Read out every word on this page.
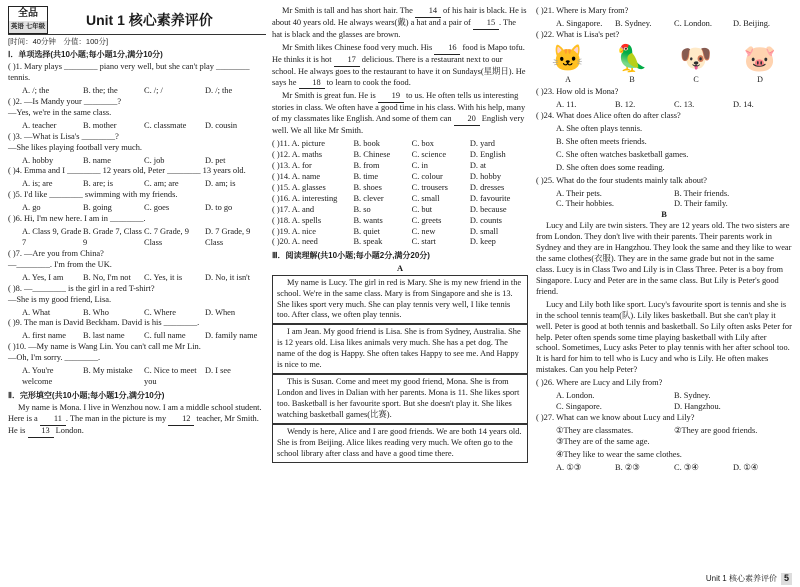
全品
英语 七年级	Unit 1 核心素养评价
[时间：40分钟　分值：100分]
Ⅰ．单项选择(共10小题;每小题1分,满分10分)
( )1. Mary plays ________ piano very well, but she can't play ________ tennis.
A. /; the	B. the; the	C. /; /	D. /; the
( )2. —Is Mandy your ________?
—Yes, we're in the same class.
A. teacher	B. mother	C. classmate	D. cousin
( )3. —What is Lisa's ________?
—She likes playing football very much.
A. hobby	B. name	C. job	D. pet
( )4. Emma and I ________ 12 years old, Peter ________ 13 years old.
A. is; are	B. are; is	C. am; are	D. am; is
( )5. I'd like ________ swimming with my friends.
A. go	B. going	C. goes	D. to go
( )6. Hi, I'm new here. I am in ________.
A. Class 9, Grade 7
B. Grade 7, Class 9
C. 7 Grade, 9 Class
D. 7 Grade, 9 Class
( )7. —Are you from China?
—________. I'm from the UK.
A. Yes, I am	B. No, I'm not	C. Yes, it is	D. No, it isn't
( )8. —________ is the girl in a red T-shirt?
—She is my good friend, Lisa.
A. What	B. Who	C. Where	D. When
( )9. The man is David Beckham. David is his ________.
A. first name	B. last name	C. full name	D. family name
( )10. —My name is Wang Lin. You can't call me Mr Lin.
—Oh, I'm sorry. ________.
A. You're welcome
B. My mistake	C. Nice to meet you
D. I see
Ⅱ．完形填空(共10小题;每小题1分,满分10分)
My name is Mona. I live in Wenzhou now. I am a middle school student. Here is a 11 . The man in the picture is my 12 teacher, Mr Smith. He is 13 London.
Mr Smith is tall and has short hair. The 14 of his hair is black. He is about 40 years old. He always wears(戴) a hat and a pair of 15 . The hat is black and the glasses are brown.
Mr Smith likes Chinese food very much. His 16 food is Mapo tofu. He thinks it is hot 17 delicious. There is a restaurant next to our school. He always goes to the restaurant to have it on Sundays(星期日). He says he 18 to learn to cook the food.
Mr Smith is great fun. He is 19 to us. He often tells us interesting stories in class. We often have a good time in his class. With his help, many of my classmates like English. And some of them can 20 English very well. We all like Mr Smith.
( )11. A. picture	B. book	C. box	D. yard
( )12. A. maths	B. Chinese	C. science	D. English
( )13. A. for	B. from	C. in	D. at
( )14. A. name	B. time	C. colour	D. hobby
( )15. A. glasses	B. shoes	C. trousers	D. dresses
( )16. A. interesting	B. clever	C. small	D. favourite
( )17. A. and	B. so	C. but	D. because
( )18. A. spells	B. wants	C. greets	D. counts
( )19. A. nice	B. quiet	C. new	D. small
( )20. A. need	B. speak	C. start	D. keep
Ⅲ．阅读理解(共10小题;每小题2分,满分20分)
A
My name is Lucy. The girl in red is Mary. She is my new friend in the school. We're in the same class. Mary is from Singapore and she is 13. She likes sport very much. She can play tennis very well, I like tennis too. After class, we often play tennis.
I am Jean. My good friend is Lisa. She is from Sydney, Australia. She is 12 years old. Lisa likes animals very much. She has a pet dog. The name of the dog is Happy. She often takes Happy to see me. And Happy is nice to me.
This is Susan. Come and meet my good friend, Mona. She is from London and lives in Dalian with her parents. Mona is 11. She likes sport too. Basketball is her favourite sport. But she doesn't play it. She likes watching basketball games(比赛).
Wendy is here, Alice and I are good friends. We are both 14 years old. She is from Beijing. Alice likes reading very much. We often go to the school library after class and have a good time there.
( )21. Where is Mary from?
A. Singapore.	B. Sydney.	C. London.	D. Beijing.
( )22. What is Lisa's pet?
🐱
A
🦜
B
🐶
C
🐷
D
( )23. How old is Mona?
A. 11.	B. 12.	C. 13.	D. 14.
( )24. What does Alice often do after class?
A. She often plays tennis.
B. She often meets friends.
C. She often watches basketball games.
D. She often does some reading.
( )25. What do the four students mainly talk about?
A. Their pets.	B. Their friends.
C. Their hobbies.	D. Their family.
B
Lucy and Lily are twin sisters. They are 12 years old. The two sisters are from London. They don't live with their parents. Their parents work in Sydney and they are in Hangzhou. They look the same and they like to wear the same clothes(衣服). They are in the same grade but not in the same class. Lucy is in Class Two and Lily is in Class Three. Peter is a boy from Singapore. Lucy and Peter are in the same class. But Lily is Peter's good friend.
Lucy and Lily both like sport. Lucy's favourite sport is tennis and she is in the school tennis team(队). Lily likes basketball. But she can't play it well. Peter is good at both tennis and basketball. So Lily often asks Peter for help. Peter often spends some time playing basketball with Lily after school. Sometimes, Lucy asks Peter to play tennis with her after school too. It is hard for him to tell who is Lucy and who is Lily. He often makes mistakes. Can you help Peter?
( )26. Where are Lucy and Lily from?
A. London.	B. Sydney.
C. Singapore.	D. Hangzhou.
( )27. What can we know about Lucy and Lily?
①They are classmates.	②They are good friends.
③They are of the same age.
④They like to wear the same clothes.
A. ①③	B. ②③	C. ③④	D. ①④
Unit 1 核心素养评价 5
